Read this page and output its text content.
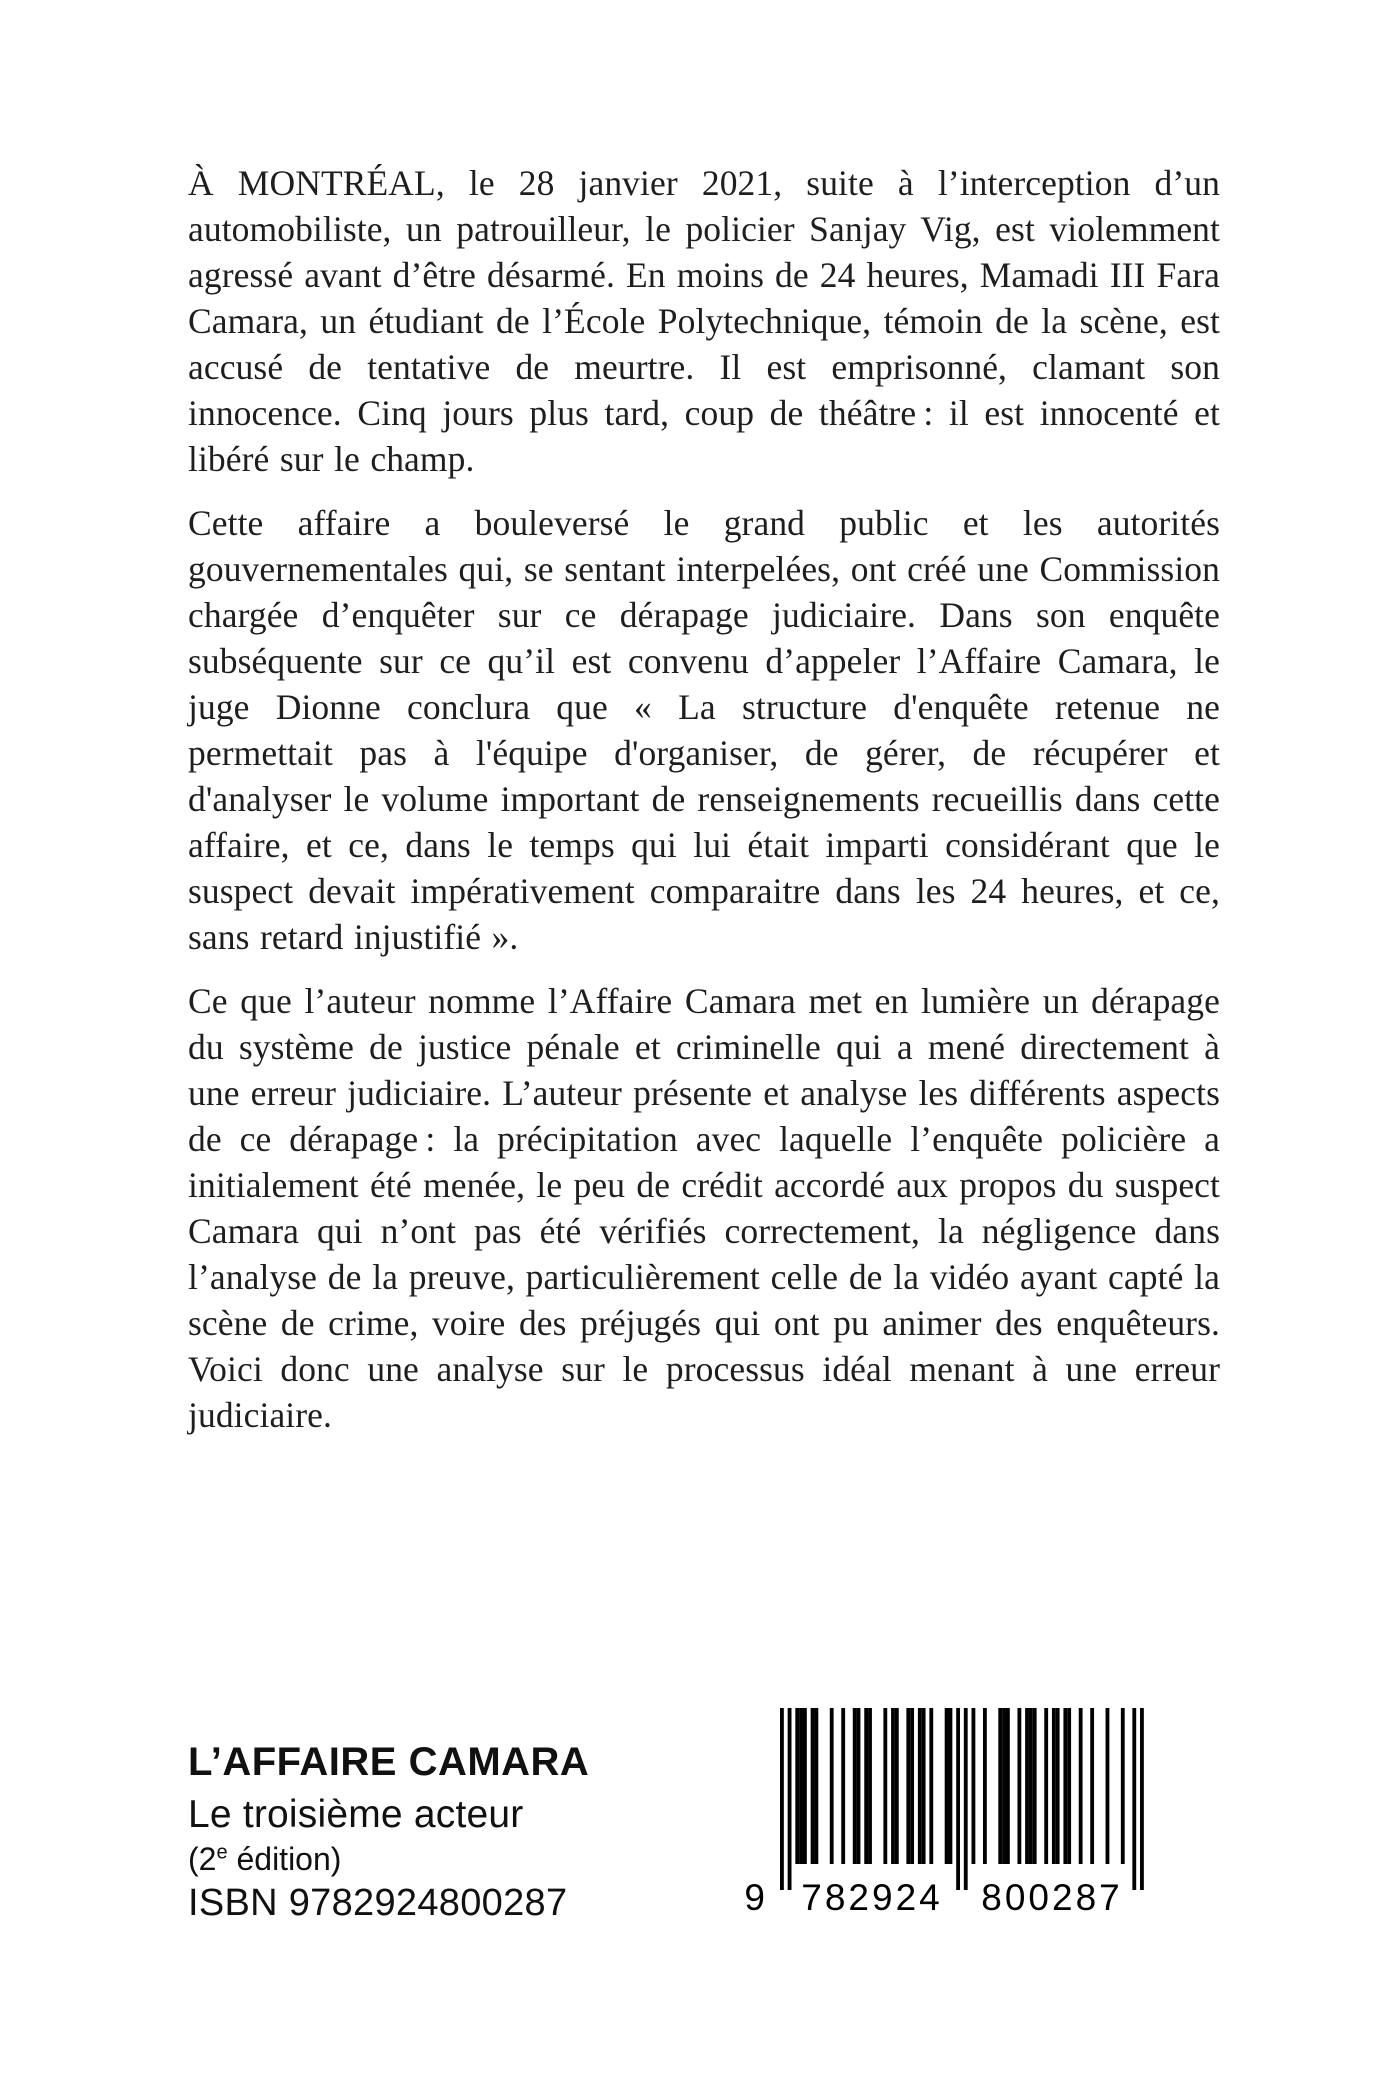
À MONTRÉAL, le 28 janvier 2021, suite à l’interception d’un automobiliste, un patrouilleur, le policier Sanjay Vig, est violemment agressé avant d’être désarmé. En moins de 24 heures, Mamadi III Fara Camara, un étudiant de l’École Polytechnique, témoin de la scène, est accusé de tentative de meurtre. Il est emprisonné, clamant son innocence. Cinq jours plus tard, coup de théâtre : il est innocenté et libéré sur le champ.

Cette affaire a bouleversé le grand public et les autorités gouvernementales qui, se sentant interpelées, ont créé une Commission chargée d’enquêter sur ce dérapage judiciaire. Dans son enquête subséquente sur ce qu’il est convenu d’appeler l’Affaire Camara, le juge Dionne conclura que « La structure d'enquête retenue ne permettait pas à l'équipe d'organiser, de gérer, de récupérer et d'analyser le volume important de renseignements recueillis dans cette affaire, et ce, dans le temps qui lui était imparti considérant que le suspect devait impérativement comparaitre dans les 24 heures, et ce, sans retard injustifié ».

Ce que l’auteur nomme l’Affaire Camara met en lumière un dérapage du système de justice pénale et criminelle qui a mené directement à une erreur judiciaire. L’auteur présente et analyse les différents aspects de ce dérapage : la précipitation avec laquelle l’enquête policière a initialement été menée, le peu de crédit accordé aux propos du suspect Camara qui n’ont pas été vérifiés correctement, la négligence dans l’analyse de la preuve, particulièrement celle de la vidéo ayant capté la scène de crime, voire des préjugés qui ont pu animer des enquêteurs. Voici donc une analyse sur le processus idéal menant à une erreur judiciaire.

L’AFFAIRE CAMARA
Le troisième acteur
(2e édition)
ISBN 9782924800287	9 782924 800287
